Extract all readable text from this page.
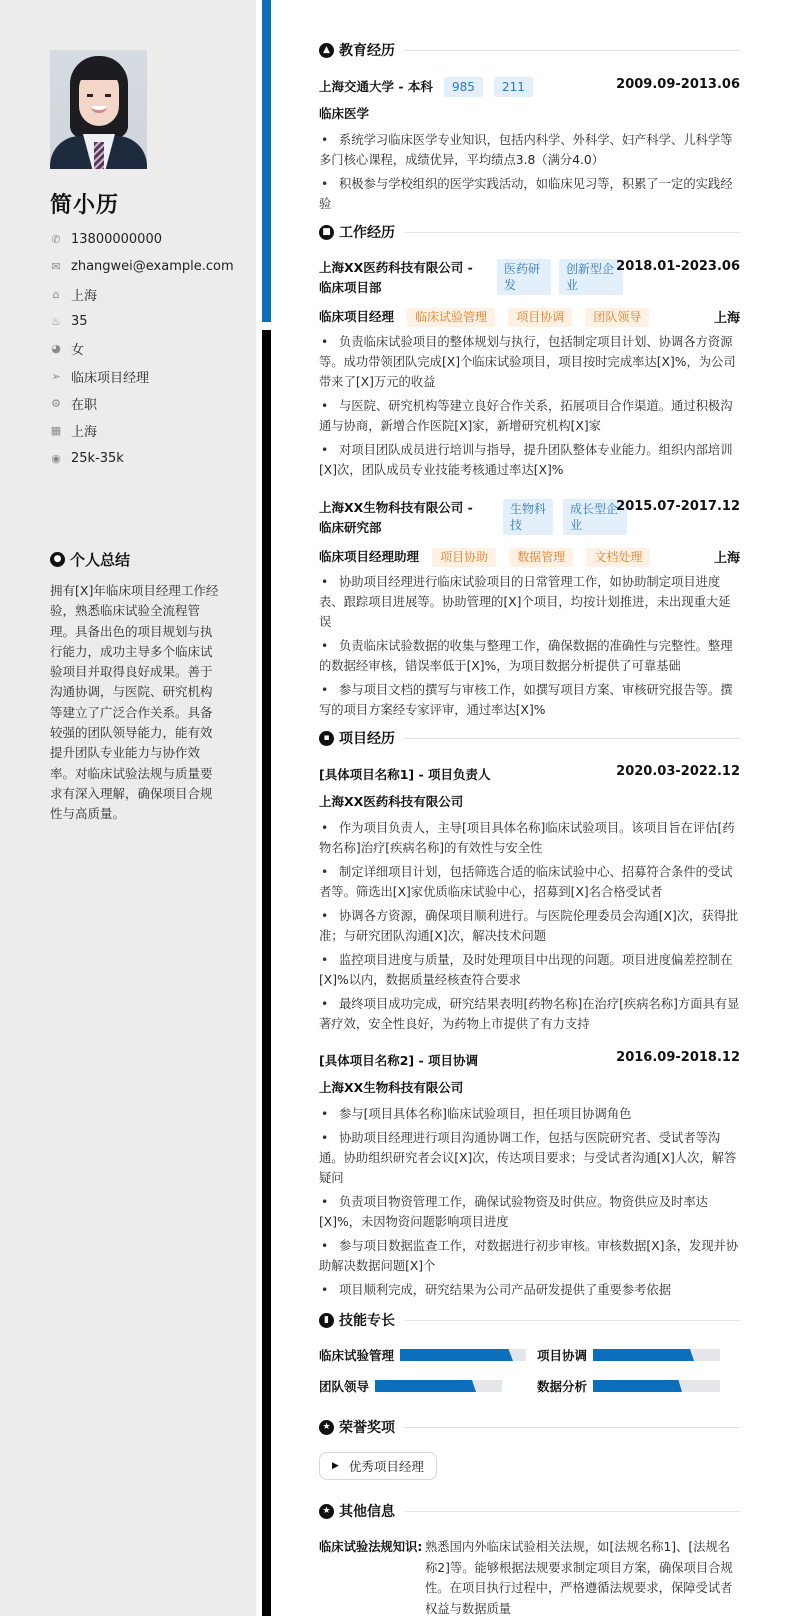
简小历
✆ 13800000000
✉ zhangwei@example.com
⌂ 上海
♨ 35
◕ 女
➢ 临床项目经理
⚙ 在职
▦ 上海
◉ 25k-35k
● 个人总结
拥有[X]年临床项目经理工作经验，熟悉临床试验全流程管理。具备出色的项目规划与执行能力，成功主导多个临床试验项目并取得良好成果。善于沟通协调，与医院、研究机构等建立了广泛合作关系。具备较强的团队领导能力，能有效提升团队专业能力与协作效率。对临床试验法规与质量要求有深入理解，确保项目合规性与高质量。
▲ 教育经历
上海交通大学 - 本科 985 211	2009.09-2013.06
临床医学
• 系统学习临床医学专业知识，包括内科学、外科学、妇产科学、儿科学等多门核心课程，成绩优异，平均绩点3.8（满分4.0）
• 积极参与学校组织的医学实践活动，如临床见习等，积累了一定的实践经验
■ 工作经历
上海XX医药科技有限公司 - 临床项目部
医药研发
创新型企业
2018.01-2023.06
临床项目经理 临床试验管理 项目协调 团队领导	上海
• 负责临床试验项目的整体规划与执行，包括制定项目计划、协调各方资源等。成功带领团队完成[X]个临床试验项目，项目按时完成率达[X]%，为公司带来了[X]万元的收益
• 与医院、研究机构等建立良好合作关系，拓展项目合作渠道。通过积极沟通与协商，新增合作医院[X]家，新增研究机构[X]家
• 对项目团队成员进行培训与指导，提升团队整体专业能力。组织内部培训[X]次，团队成员专业技能考核通过率达[X]%
上海XX生物科技有限公司 - 临床研究部
生物科技
成长型企业
2015.07-2017.12
临床项目经理助理 项目协助 数据管理 文档处理	上海
• 协助项目经理进行临床试验项目的日常管理工作，如协助制定项目进度表、跟踪项目进展等。协助管理的[X]个项目，均按计划推进，未出现重大延误
• 负责临床试验数据的收集与整理工作，确保数据的准确性与完整性。整理的数据经审核，错误率低于[X]%，为项目数据分析提供了可靠基础
• 参与项目文档的撰写与审核工作，如撰写项目方案、审核研究报告等。撰写的项目方案经专家评审，通过率达[X]%
▪ 项目经历
[具体项目名称1] - 项目负责人	2020.03-2022.12
上海XX医药科技有限公司
• 作为项目负责人，主导[项目具体名称]临床试验项目。该项目旨在评估[药物名称]治疗[疾病名称]的有效性与安全性
• 制定详细项目计划，包括筛选合适的临床试验中心、招募符合条件的受试者等。筛选出[X]家优质临床试验中心，招募到[X]名合格受试者
• 协调各方资源，确保项目顺利进行。与医院伦理委员会沟通[X]次，获得批准；与研究团队沟通[X]次，解决技术问题
• 监控项目进度与质量，及时处理项目中出现的问题。项目进度偏差控制在[X]%以内，数据质量经核查符合要求
• 最终项目成功完成，研究结果表明[药物名称]在治疗[疾病名称]方面具有显著疗效，安全性良好，为药物上市提供了有力支持
[具体项目名称2] - 项目协调	2016.09-2018.12
上海XX生物科技有限公司
• 参与[项目具体名称]临床试验项目，担任项目协调角色
• 协助项目经理进行项目沟通协调工作，包括与医院研究者、受试者等沟通。协助组织研究者会议[X]次，传达项目要求；与受试者沟通[X]人次，解答疑问
• 负责项目物资管理工作，确保试验物资及时供应。物资供应及时率达[X]%，未因物资问题影响项目进度
• 参与项目数据监查工作，对数据进行初步审核。审核数据[X]条，发现并协助解决数据问题[X]个
• 项目顺利完成，研究结果为公司产品研发提供了重要参考依据
▮ 技能专长
临床试验管理	项目协调
团队领导	数据分析
★ 荣誉奖项
▶ 优秀项目经理
★ 其他信息
临床试验法规知识: 熟悉国内外临床试验相关法规，如[法规名称1]、[法规名称2]等。能够根据法规要求制定项目方案，确保项目合规性。在项目执行过程中，严格遵循法规要求，保障受试者权益与数据质量
